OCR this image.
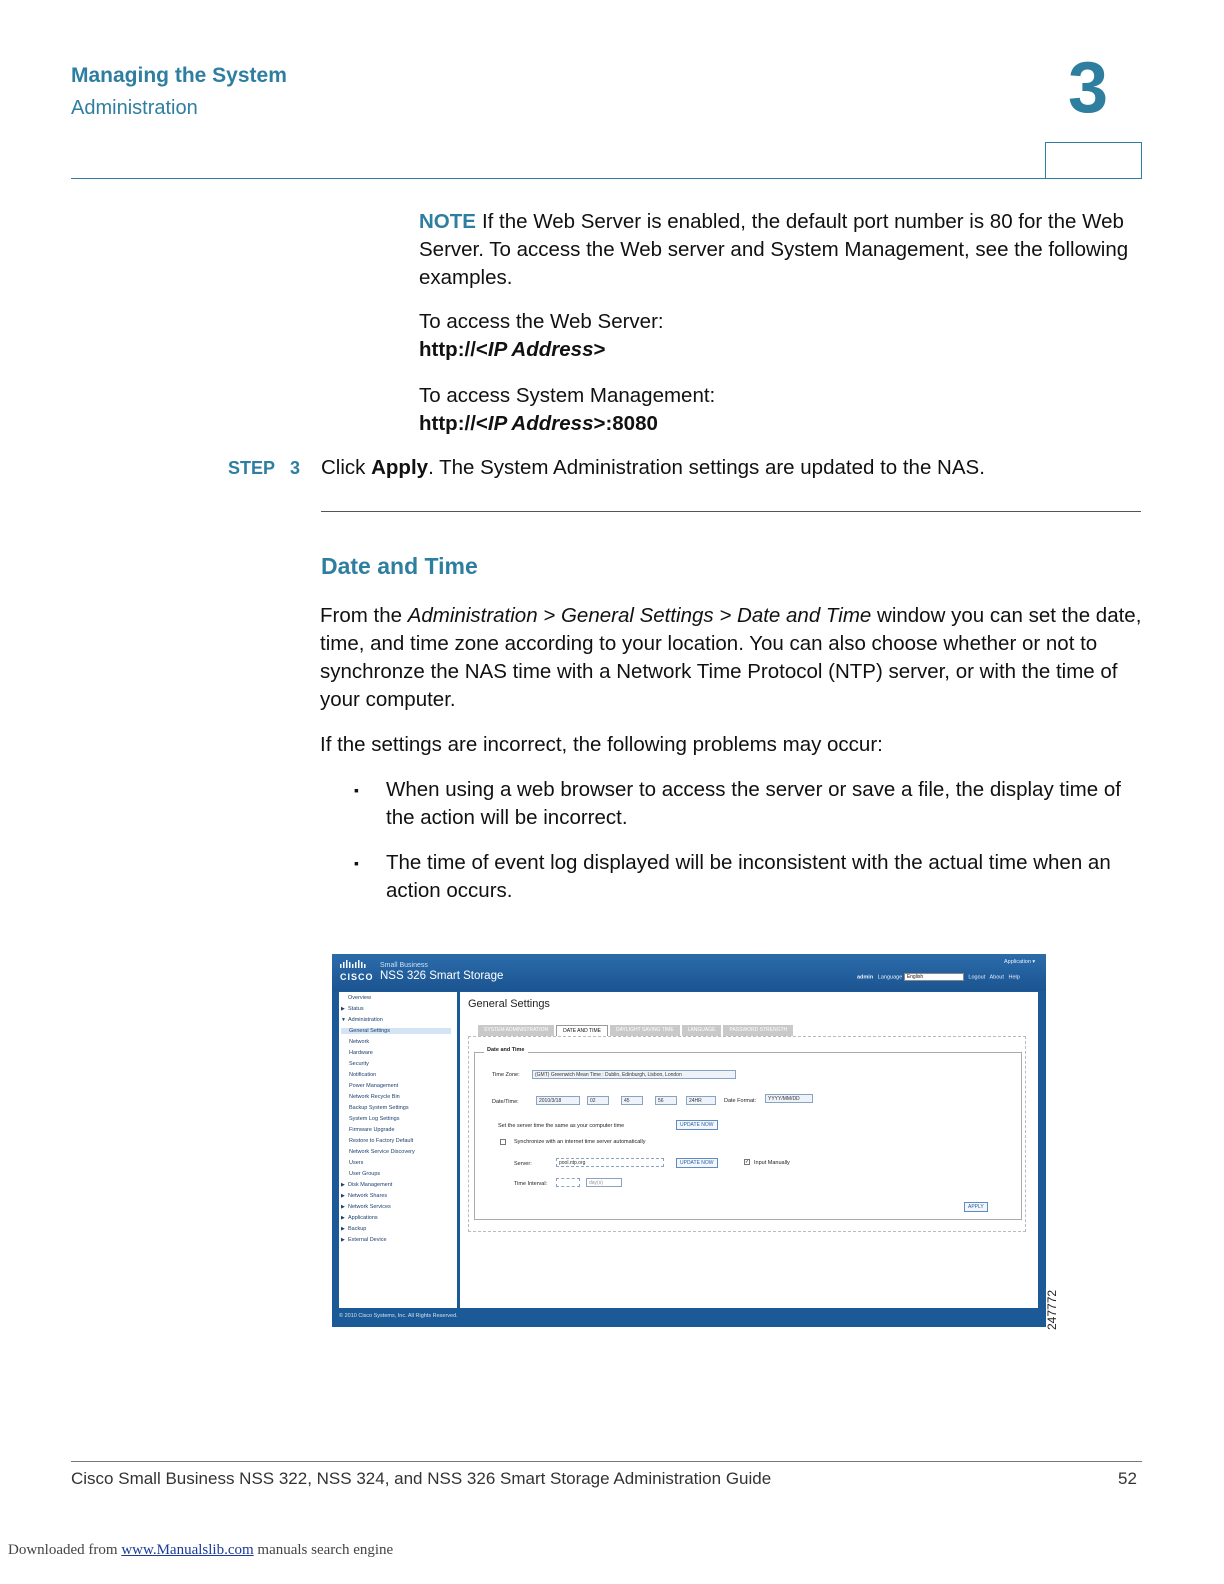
Managing the System
Administration	3
NOTE If the Web Server is enabled, the default port number is 80 for the Web Server. To access the Web server and System Management, see the following examples.
To access the Web Server:
http://<IP Address>
To access System Management:
http://<IP Address>:8080
STEP 3 Click Apply. The System Administration settings are updated to the NAS.
Date and Time
From the Administration > General Settings > Date and Time window you can set the date, time, and time zone according to your location. You can also choose whether or not to synchronze the NAS time with a Network Time Protocol (NTP) server, or with the time of your computer.
If the settings are incorrect, the following problems may occur:
▪ When using a web browser to access the server or save a file, the display time of the action will be incorrect.
▪ The time of event log displayed will be inconsistent with the actual time when an action occurs.
CISCO
Small Business
NSS 326 Smart Storage
Application ▾
admin Language English	Logout About Help
Overview
▶ Status
▼ Administration
General Settings
Network
Hardware
Security
Notification
Power Management
Network Recycle Bin
Backup System Settings
System Log Settings
Firmware Upgrade
Restore to Factory Default
Network Service Discovery
Users
User Groups
▶ Disk Management
▶ Network Shares
▶ Network Services
▶ Applications
▶ Backup
▶ External Device
General Settings
SYSTEM ADMINISTRATION	DATE AND TIME	DAYLIGHT SAVING TIME	LANGUAGE	PASSWORD STRENGTH
Date and Time
Time Zone:	(GMT) Greenwich Mean Time : Dublin, Edinburgh, Lisbon, London
Date/Time:	2010/3/18	02	45	56	24HR	Date Format:	YYYY/MM/DD
Set the server time the same as your computer time	UPDATE NOW
Synchronize with an internet time server automatically
Server:	pool.ntp.org	UPDATE NOW	✓ Input Manually
Time Interval:	day(s)
APPLY
© 2010 Cisco Systems, Inc. All Rights Reserved.	247772
Cisco Small Business NSS 322, NSS 324, and NSS 326 Smart Storage Administration Guide	52
Downloaded from www.Manualslib.com manuals search engine
